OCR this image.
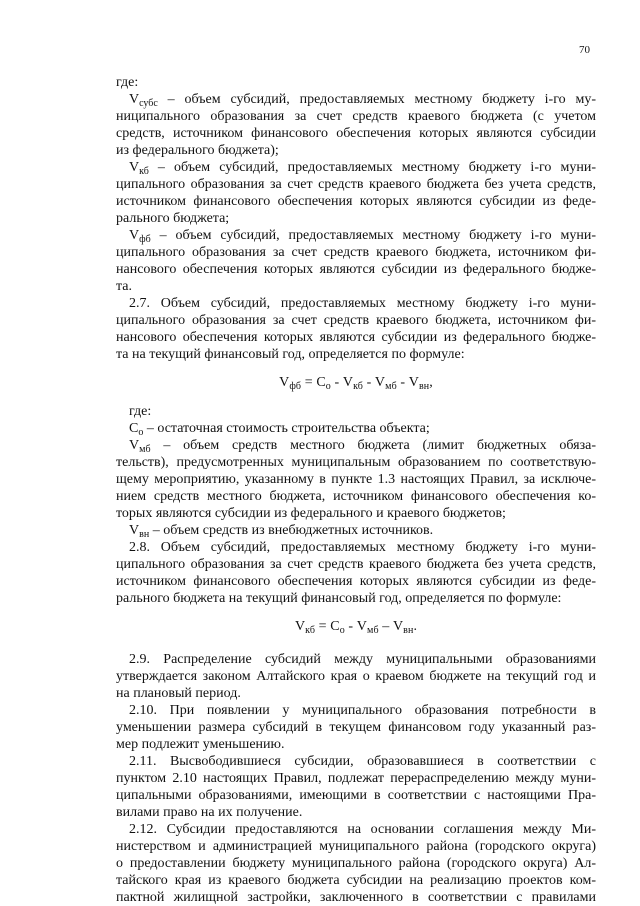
70
где:
$V_{субс}$ – объем субсидий, предоставляемых местному бюджету i-го му-
ниципального образования за счет средств краевого бюджета (с учетом
средств, источником финансового обеспечения которых являются субсидии
из федерального бюджета);
$V_{кб}$ – объем субсидий, предоставляемых местному бюджету i-го муни-
ципального образования за счет средств краевого бюджета без учета средств,
источником финансового обеспечения которых являются субсидии из феде-
рального бюджета;
$V_{фб}$ – объем субсидий, предоставляемых местному бюджету i-го муни-
ципального образования за счет средств краевого бюджета, источником фи-
нансового обеспечения которых являются субсидии из федерального бюдже-
та.
2.7. Объем субсидий, предоставляемых местному бюджету i-го муни-
ципального образования за счет средств краевого бюджета, источником фи-
нансового обеспечения которых являются субсидии из федерального бюдже-
та на текущий финансовый год, определяется по формуле:
$V_{фб} = С_о - V_{кб} - V_{мб} - V_{вн}$,
где:
$С_о$ – остаточная стоимость строительства объекта;
$V_{мб}$ – объем средств местного бюджета (лимит бюджетных обяза-
тельств), предусмотренных муниципальным образованием по соответствую-
щему мероприятию, указанному в пункте 1.3 настоящих Правил, за исключе-
нием средств местного бюджета, источником финансового обеспечения ко-
торых являются субсидии из федерального и краевого бюджетов;
$V_{вн}$ – объем средств из внебюджетных источников.
2.8. Объем субсидий, предоставляемых местному бюджету i-го муни-
ципального образования за счет средств краевого бюджета без учета средств,
источником финансового обеспечения которых являются субсидии из феде-
рального бюджета на текущий финансовый год, определяется по формуле:
$V_{кб} = С_о - V_{мб} - V_{вн}$.
2.9. Распределение субсидий между муниципальными образованиями
утверждается законом Алтайского края о краевом бюджете на текущий год и
на плановый период.
2.10. При появлении у муниципального образования потребности в
уменьшении размера субсидий в текущем финансовом году указанный раз-
мер подлежит уменьшению.
2.11. Высвободившиеся субсидии, образовавшиеся в соответствии с
пунктом 2.10 настоящих Правил, подлежат перераспределению между муни-
ципальными образованиями, имеющими в соответствии с настоящими Пра-
вилами право на их получение.
2.12. Субсидии предоставляются на основании соглашения между Ми-
нистерством и администрацией муниципального района (городского округа)
о предоставлении бюджету муниципального района (городского округа) Ал-
тайского края из краевого бюджета субсидии на реализацию проектов ком-
пактной жилищной застройки, заключенного в соответствии с правилами
